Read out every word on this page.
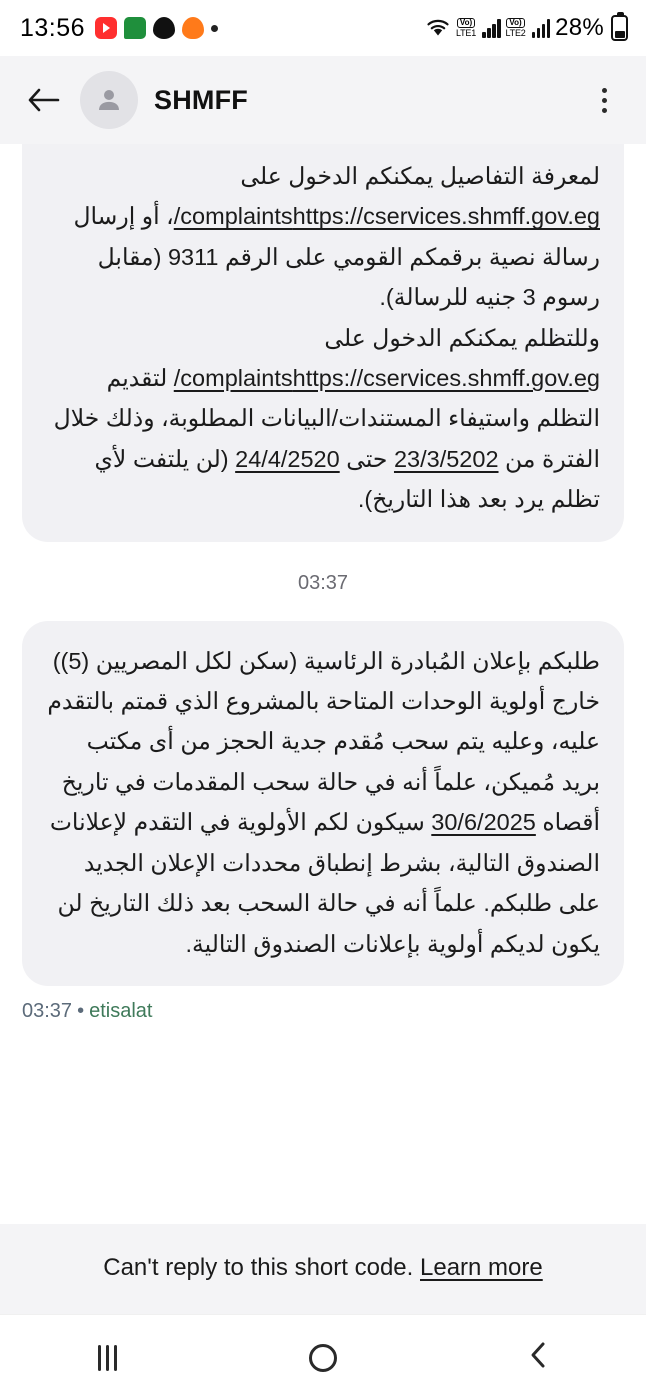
13:56	Vo)
LTE1
Vo)
LTE2 28%
SHMFF

لمعرفة التفاصيل يمكنكم الدخول على

https://cservices.shmff.gov.eg/complaints، أو إرسال رسالة نصية برقمكم القومي على الرقم 9311 (مقابل رسوم 3 جنيه للرسالة).

وللتظلم يمكنكم الدخول على

https://cservices.shmff.gov.eg/complaints لتقديم التظلم واستيفاء المستندات/البيانات المطلوبة، وذلك خلال الفترة من 23/3/5202 حتى 24/4/2520 (لن يلتفت لأي تظلم يرد بعد هذا التاريخ).

03:37

طلبكم بإعلان المُبادرة الرئاسية (سكن لكل المصريين (5)) خارج أولوية الوحدات المتاحة بالمشروع الذي قمتم بالتقدم عليه، وعليه يتم سحب مُقدم جدية الحجز من أى مكتب بريد مُميكن، علماً أنه في حالة سحب المقدمات في تاريخ أقصاه 30/6/2025 سيكون لكم الأولوية في التقدم لإعلانات الصندوق التالية، بشرط إنطباق محددات الإعلان الجديد على طلبكم. علماً أنه في حالة السحب بعد ذلك التاريخ لن يكون لديكم أولوية بإعلانات الصندوق التالية.

03:37 • etisalat
Can't reply to this short code. Learn more
